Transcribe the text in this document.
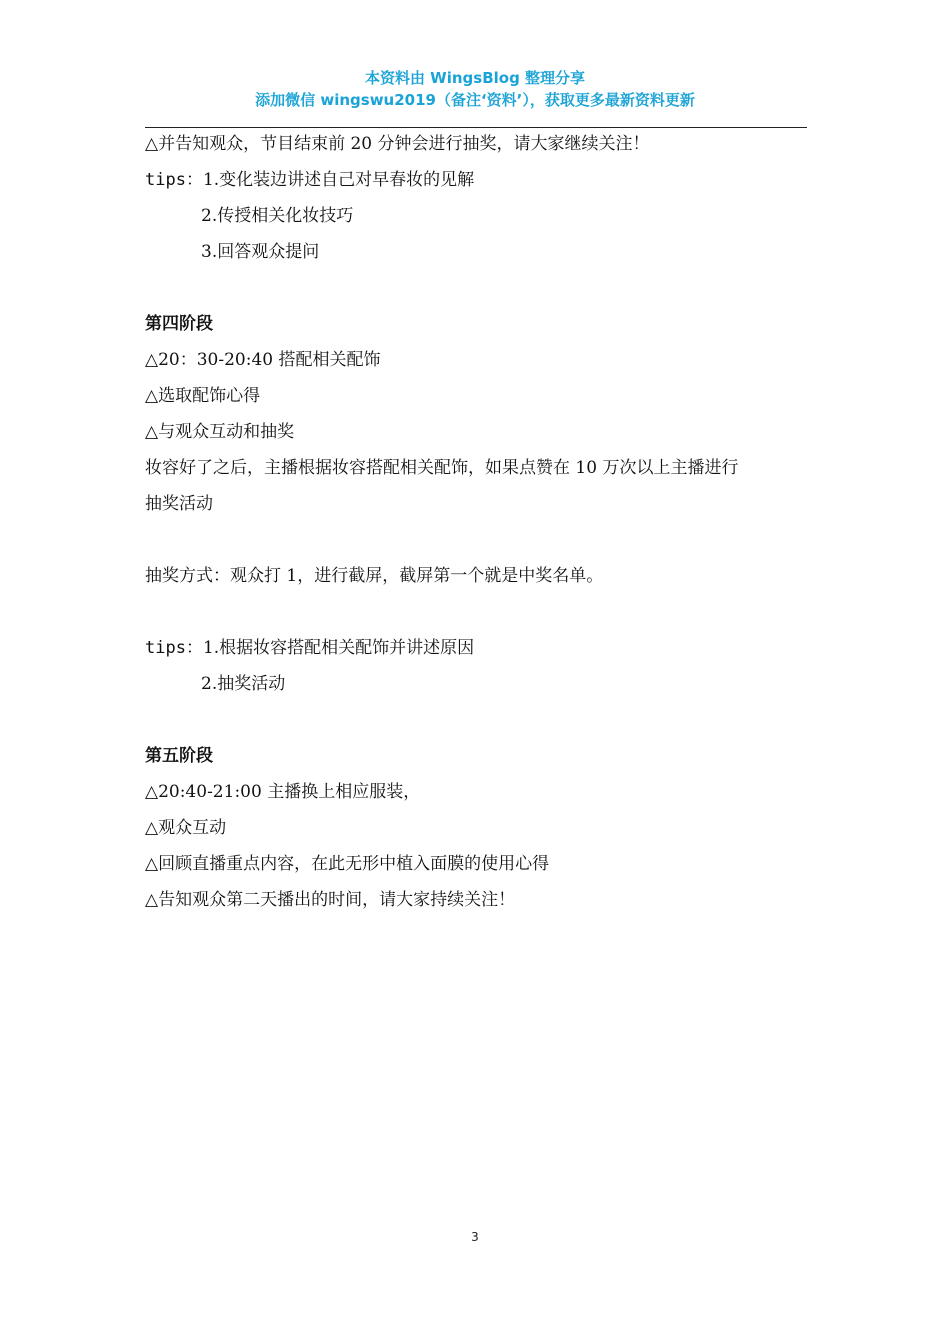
本资料由 WingsBlog 整理分享
添加微信 wingswu2019（备注‘资料’），获取更多最新资料更新
△并告知观众，节目结束前 20 分钟会进行抽奖，请大家继续关注！
tips：1.变化装边讲述自己对早春妆的见解
2.传授相关化妆技巧
3.回答观众提问
第四阶段
△20：30-20:40 搭配相关配饰
△选取配饰心得
△与观众互动和抽奖
妆容好了之后，主播根据妆容搭配相关配饰，如果点赞在 10 万次以上主播进行
抽奖活动
抽奖方式：观众打 1，进行截屏，截屏第一个就是中奖名单。
tips：1.根据妆容搭配相关配饰并讲述原因
2.抽奖活动
第五阶段
△20:40-21:00 主播换上相应服装，
△观众互动
△回顾直播重点内容，在此无形中植入面膜的使用心得
△告知观众第二天播出的时间，请大家持续关注！
3
